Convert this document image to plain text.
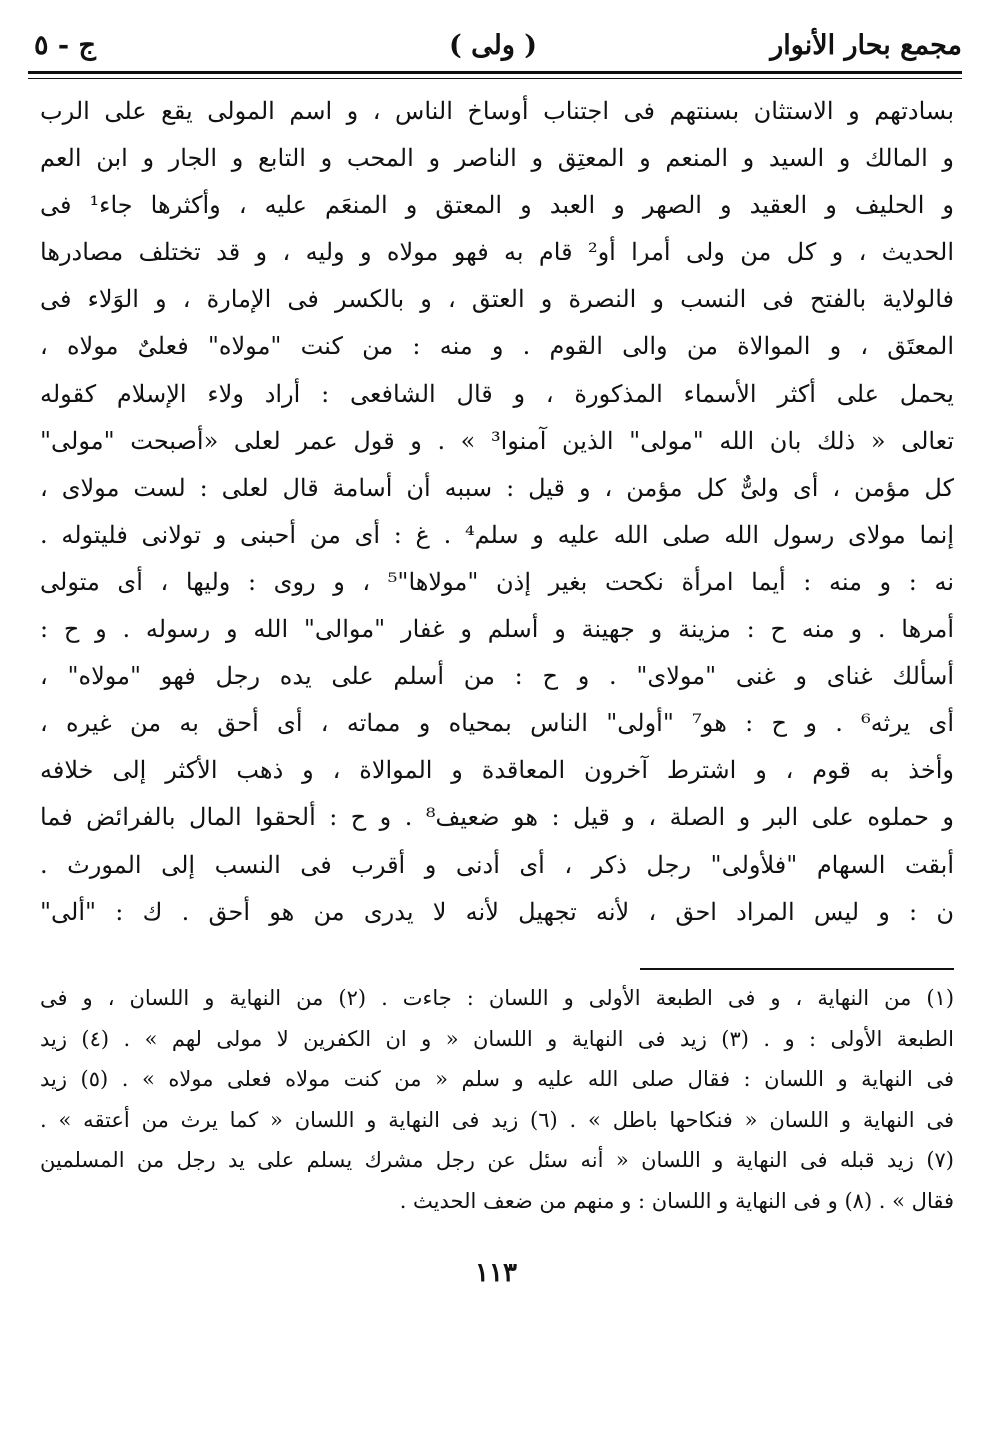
مجمع بحار الأنوار
( ولى )
ج - ٥
بسادتهم و الاستثان بسنتهم فى اجتناب أوساخ الناس ، و اسم المولى يقع على الرب
و المالك و السيد و المنعم و المعتِق و الناصر و المحب و التابع و الجار و ابن العم
و الحليف و العقيد و الصهر و العبد و المعتق و المنعَم عليه ، وأكثرها جاء¹ فى
الحديث ، و كل من ولى أمرا أو² قام به فهو مولاه و وليه ، و قد تختلف مصادرها
فالولاية بالفتح فى النسب و النصرة و العتق ، و بالكسر فى الإمارة ، و الوَلاء فى
المعتَق ، و الموالاة من والى القوم . و منه : من كنت "مولاه" فعلىٌ مولاه ،
يحمل على أكثر الأسماء المذكورة ، و قال الشافعى : أراد ولاء الإسلام كقوله
تعالى « ذلك بان الله "مولى" الذين آمنوا³ » . و قول عمر لعلى «أصبحت "مولى"
كل مؤمن ، أى ولىٌّ كل مؤمن ، و قيل : سببه أن أسامة قال لعلى : لست مولاى ،
إنما مولاى رسول الله صلى الله عليه و سلم⁴ . غ : أى من أحبنى و تولانى فليتوله .
نه : و منه : أيما امرأة نكحت بغير إذن "مولاها"⁵ ، و روى : وليها ، أى متولى
أمرها . و منه ح : مزينة و جهينة و أسلم و غفار "موالى" الله و رسوله . و ح :
أسألك غناى و غنى "مولاى" . و ح : من أسلم على يده رجل فهو "مولاه" ،
أى يرثه⁶ . و ح : هو⁷ "أولى" الناس بمحياه و مماته ، أى أحق به من غيره ،
وأخذ به قوم ، و اشترط آخرون المعاقدة و الموالاة ، و ذهب الأكثر إلى خلافه
و حملوه على البر و الصلة ، و قيل : هو ضعيف⁸ . و ح : ألحقوا المال بالفرائض فما
أبقت السهام "فلأولى" رجل ذكر ، أى أدنى و أقرب فى النسب إلى المورث .
ن : و ليس المراد احق ، لأنه تجهيل لأنه لا يدرى من هو أحق . ك : "ألى"
(١) من النهاية ، و فى الطبعة الأولى و اللسان : جاءت . (٢) من النهاية و اللسان ، و فى
الطبعة الأولى : و . (٣) زيد فى النهاية و اللسان « و ان الكفرين لا مولى لهم » . (٤) زيد
فى النهاية و اللسان : فقال صلى الله عليه و سلم « من كنت مولاه فعلى مولاه » . (٥) زيد
فى النهاية و اللسان « فنكاحها باطل » . (٦) زيد فى النهاية و اللسان « كما يرث من أعتقه » .
(٧) زيد قبله فى النهاية و اللسان « أنه سئل عن رجل مشرك يسلم على يد رجل من المسلمين
فقال » . (٨) و فى النهاية و اللسان : و منهم من ضعف الحديث .
١١٣
